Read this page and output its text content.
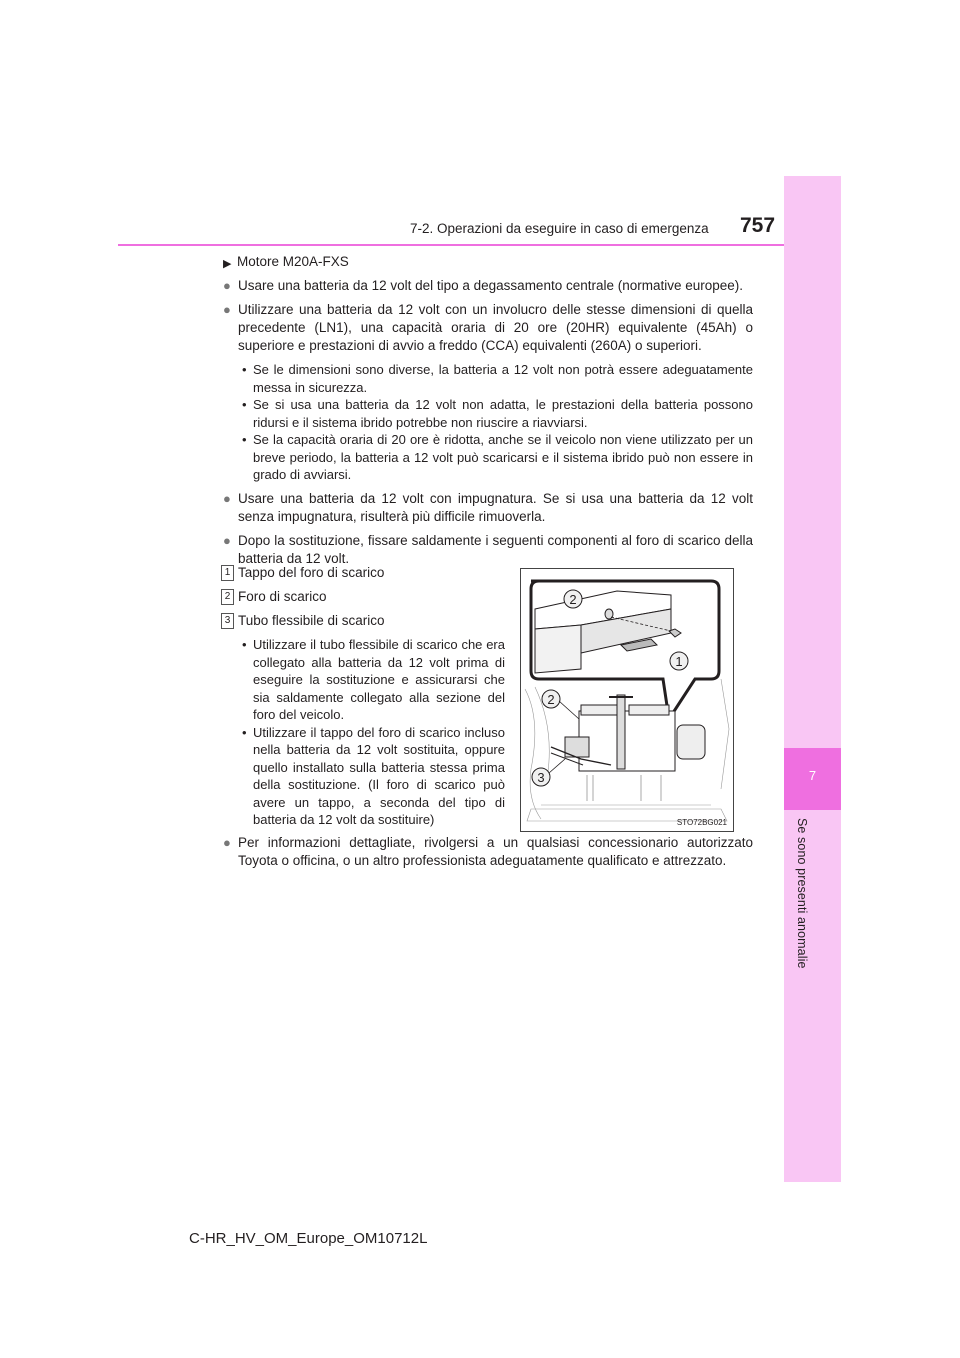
7
Se sono presenti anomalie
7-2. Operazioni da eseguire in caso di emergenza 757

▶ Motore M20A-FXS

● Usare una batteria da 12 volt del tipo a degassamento centrale (normative europee).

● Utilizzare una batteria da 12 volt con un involucro delle stesse dimensioni di quella precedente (LN1), una capacità oraria di 20 ore (20HR) equivalente (45Ah) o superiore e prestazioni di avvio a freddo (CCA) equivalenti (260A) o superiori.

• Se le dimensioni sono diverse, la batteria a 12 volt non potrà essere adeguatamente messa in sicurezza.

• Se si usa una batteria da 12 volt non adatta, le prestazioni della batteria possono ridursi e il sistema ibrido potrebbe non riuscire a riavviarsi.

• Se la capacità oraria di 20 ore è ridotta, anche se il veicolo non viene utilizzato per un breve periodo, la batteria a 12 volt può scaricarsi e il sistema ibrido può non essere in grado di avviarsi.

● Usare una batteria da 12 volt con impugnatura. Se si usa una batteria da 12 volt senza impugnatura, risulterà più difficile rimuoverla.

● Dopo la sostituzione, fissare saldamente i seguenti componenti al foro di scarico della batteria da 12 volt.

1 Tappo del foro di scarico
2 Foro di scarico
3 Tubo flessibile di scarico

• Utilizzare il tubo flessibile di scarico che era collegato alla batteria da 12 volt prima di eseguire la sostituzione e assicurarsi che sia saldamente collegato alla sezione del foro del veicolo.

• Utilizzare il tappo del foro di scarico incluso nella batteria da 12 volt sostituita, oppure quello installato sulla batteria stessa prima della sostituzione. (Il foro di scarico può avere un tappo, a seconda del tipo di batteria da 12 volt da sostituire)

2
1
2
3
STO72BG021

● Per informazioni dettagliate, rivolgersi a un qualsiasi concessionario autorizzato Toyota o officina, o un altro professionista adeguatamente qualificato e attrezzato.

C-HR_HV_OM_Europe_OM10712L
